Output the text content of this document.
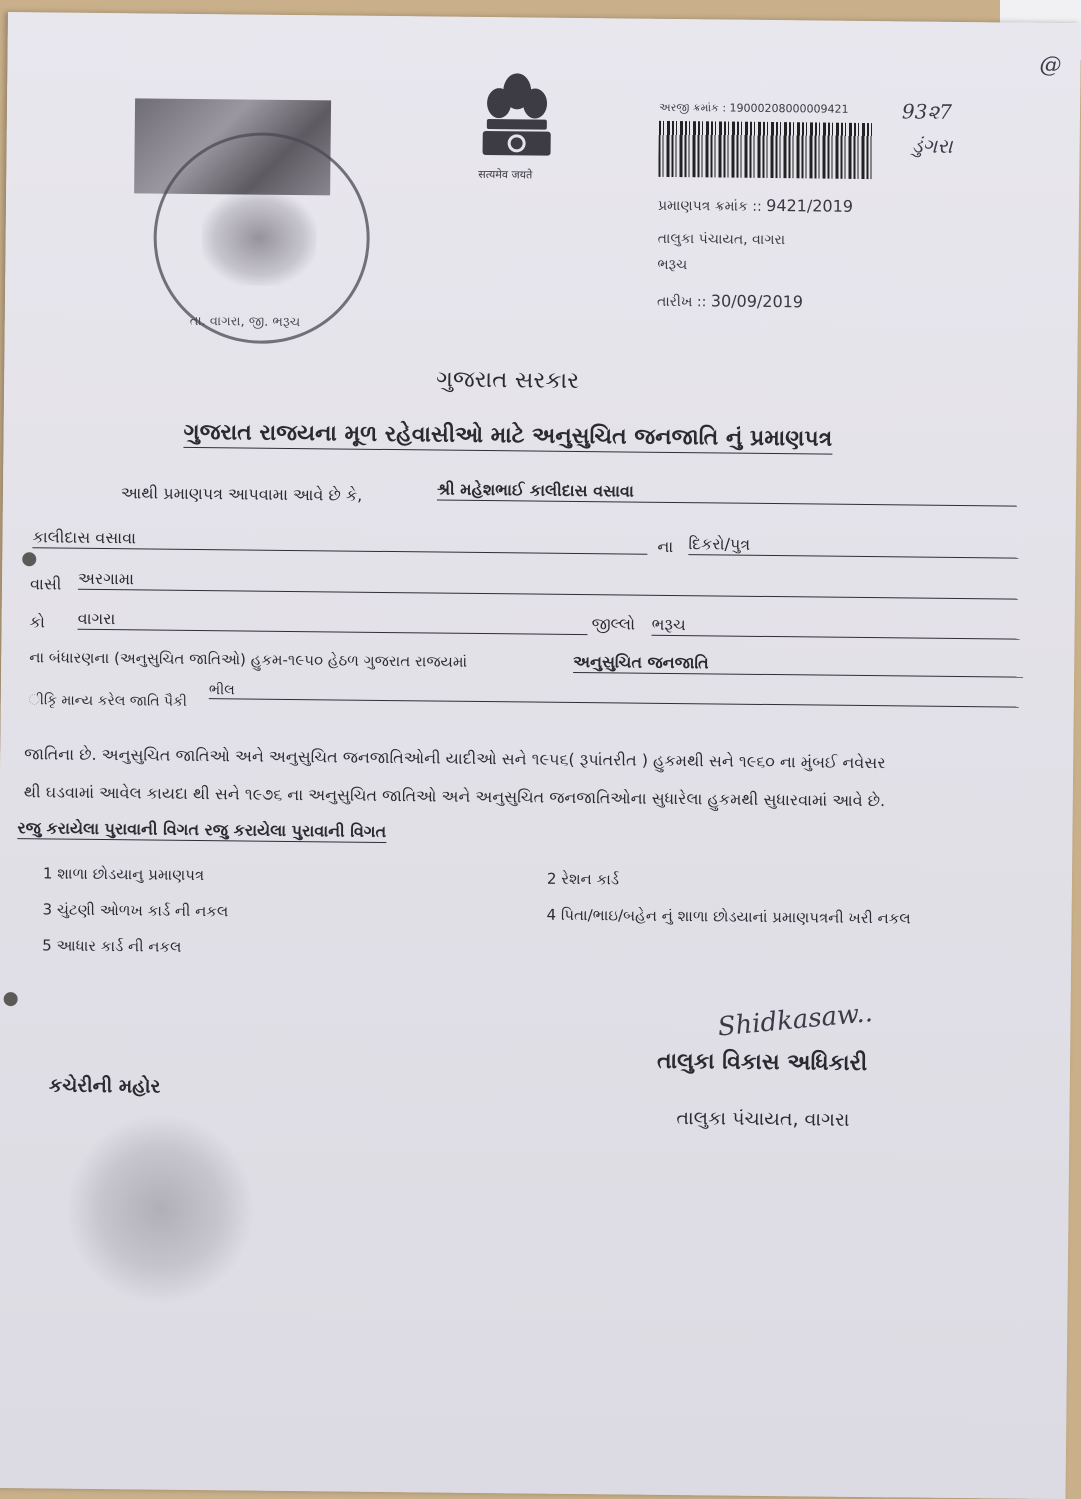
તા. વાગરા, જી. ભરૂચ
सत्यमेव जयते
અરજી ક્રમાંક : 19000208000009421	93૨7
ડુંગરા
@
પ્રમાણપત્ર ક્રમાંક :: 9421/2019
તાલુકા પંચાયત, વાગરા
ભરૂચ
તારીખ :: 30/09/2019
ગુજરાત સરકાર
ગુજરાત રાજયના મૂળ રહેવાસીઓ માટે અનુસુચિત જનજાતિ નું પ્રમાણપત્ર
આથી પ્રમાણપત્ર આપવામા આવે છે કે,	શ્રી મહેશભાઈ કાલીદાસ વસાવા
કાલીદાસ વસાવા	ના દિકરો/પુત્ર
વાસી અરગામા
કો વાગરા	જીલ્લો ભરૂચ
ના બંધારણના (અનુસુચિત જાતિઓ) હુકમ-૧૯૫૦ હેઠળ ગુજરાત રાજયમાં	અનુસુચિત જનજાતિ
ીકૃિ માન્ય કરેલ જાતિ પૈકી
ભીલ
જાતિના છે. અનુસુચિત જાતિઓ અને અનુસુચિત જનજાતિઓની યાદીઓ સને ૧૯૫૬( રૂપાંતરીત ) હુકમથી સને ૧૯૬૦ ના મુંબઈ નવેસર
થી ઘડવામાં આવેલ કાયદા થી સને ૧૯૭૬ ના અનુસુચિત જાતિઓ અને અનુસુચિત જનજાતિઓના સુધારેલા હુકમથી સુધારવામાં આવે છે.
રજુ કરાયેલા પુરાવાની વિગત રજુ કરાયેલા પુરાવાની વિગત
1 શાળા છોડયાનુ પ્રમાણપત્ર	2 રેશન કાર્ડ
3 ચુંટણી ઓળખ કાર્ડ ની નકલ	4 પિતા/ભાઇ/બહેન નું શાળા છોડયાનાં પ્રમાણપત્રની ખરી નકલ
5 આધાર કાર્ડ ની નકલ
Shidkasaw..
તાલુકા વિકાસ અધિકારી
તાલુકા પંચાયત, વાગરા
કચેરીની મહોર
